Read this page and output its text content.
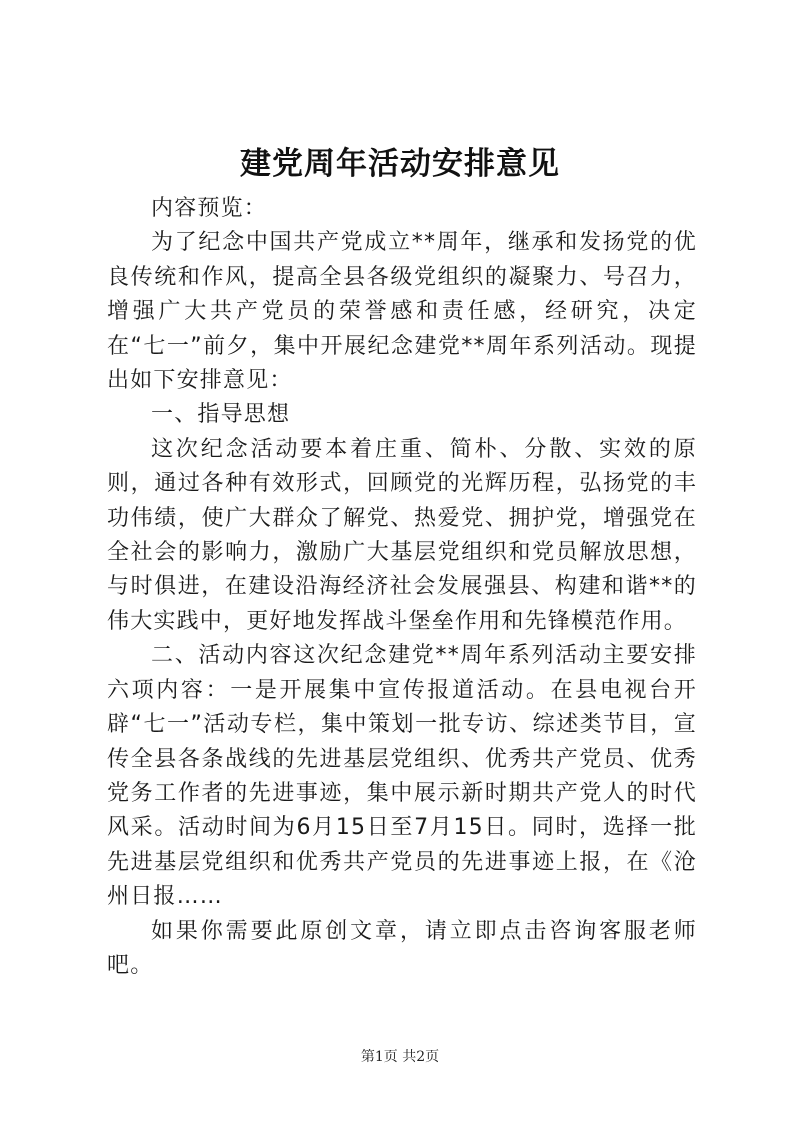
建党周年活动安排意见

内容预览：

为了纪念中国共产党成立**周年，继承和发扬党的优良传统和作风，提高全县各级党组织的凝聚力、号召力，增强广大共产党员的荣誉感和责任感，经研究，决定在“七一”前夕，集中开展纪念建党**周年系列活动。现提出如下安排意见：

一、指导思想

这次纪念活动要本着庄重、简朴、分散、实效的原则，通过各种有效形式，回顾党的光辉历程，弘扬党的丰功伟绩，使广大群众了解党、热爱党、拥护党，增强党在全社会的影响力，激励广大基层党组织和党员解放思想，与时俱进，在建设沿海经济社会发展强县、构建和谐**的伟大实践中，更好地发挥战斗堡垒作用和先锋模范作用。

二、活动内容这次纪念建党**周年系列活动主要安排六项内容：一是开展集中宣传报道活动。在县电视台开辟“七一”活动专栏，集中策划一批专访、综述类节目，宣传全县各条战线的先进基层党组织、优秀共产党员、优秀党务工作者的先进事迹，集中展示新时期共产党人的时代风采。活动时间为6月15日至7月15日。同时，选择一批先进基层党组织和优秀共产党员的先进事迹上报，在《沧州日报……

如果你需要此原创文章，请立即点击咨询客服老师吧。

第1页 共2页
